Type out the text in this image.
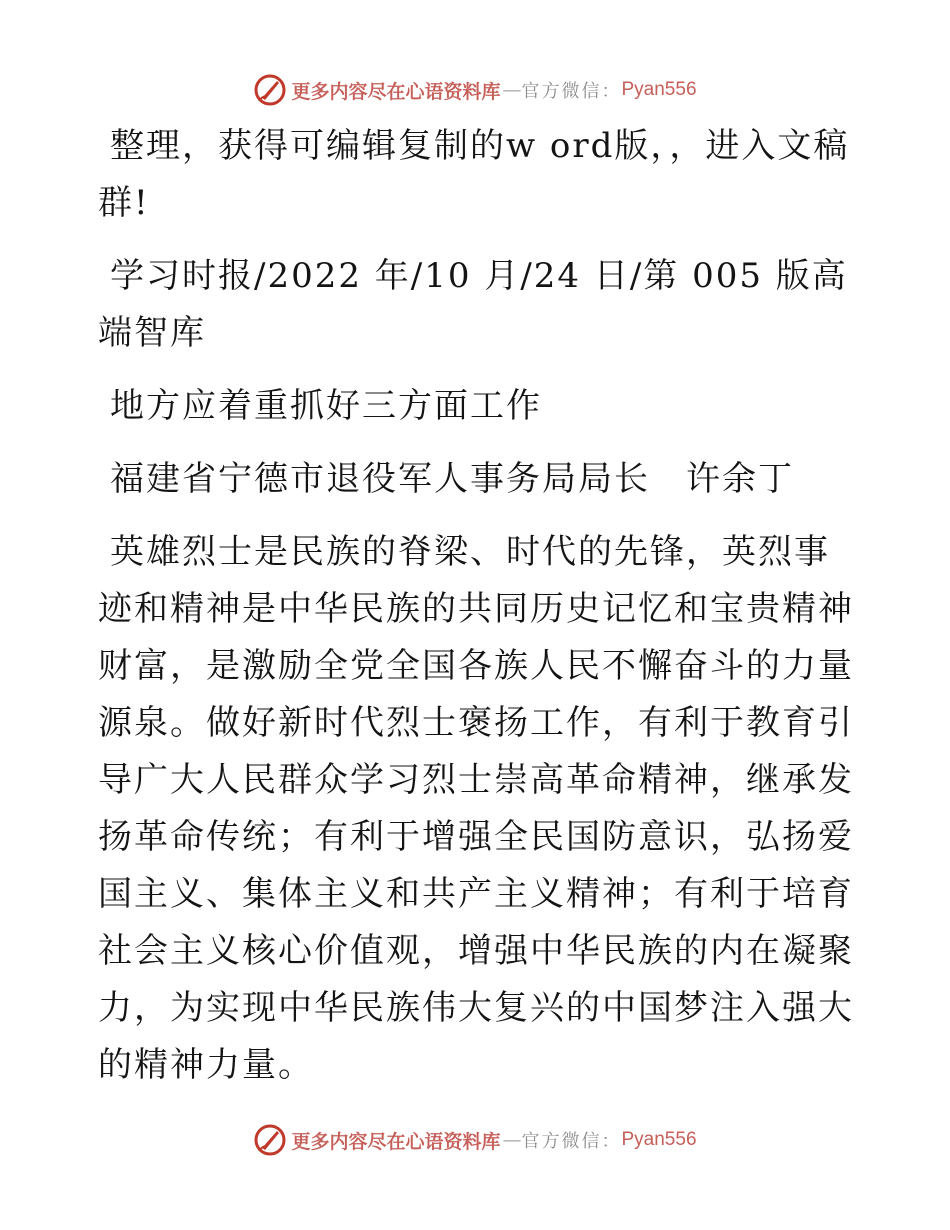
更多内容尽在心语资料库 — 官方微信： Pyan556

整理，获得可编辑复制的w ord版，，进入文稿群!

学习时报/2022 年/10 月/24 日/第 005 版高端智库

地方应着重抓好三方面工作

福建省宁德市退役军人事务局局长　许余丁

英雄烈士是民族的脊梁、时代的先锋，英烈事迹和精神是中华民族的共同历史记忆和宝贵精神财富，是激励全党全国各族人民不懈奋斗的力量源泉。做好新时代烈士褒扬工作，有利于教育引导广大人民群众学习烈士崇高革命精神，继承发扬革命传统；有利于增强全民国防意识，弘扬爱国主义、集体主义和共产主义精神；有利于培育社会主义核心价值观，增强中华民族的内在凝聚力，为实现中华民族伟大复兴的中国梦注入强大的精神力量。

更多内容尽在心语资料库 — 官方微信： Pyan556
